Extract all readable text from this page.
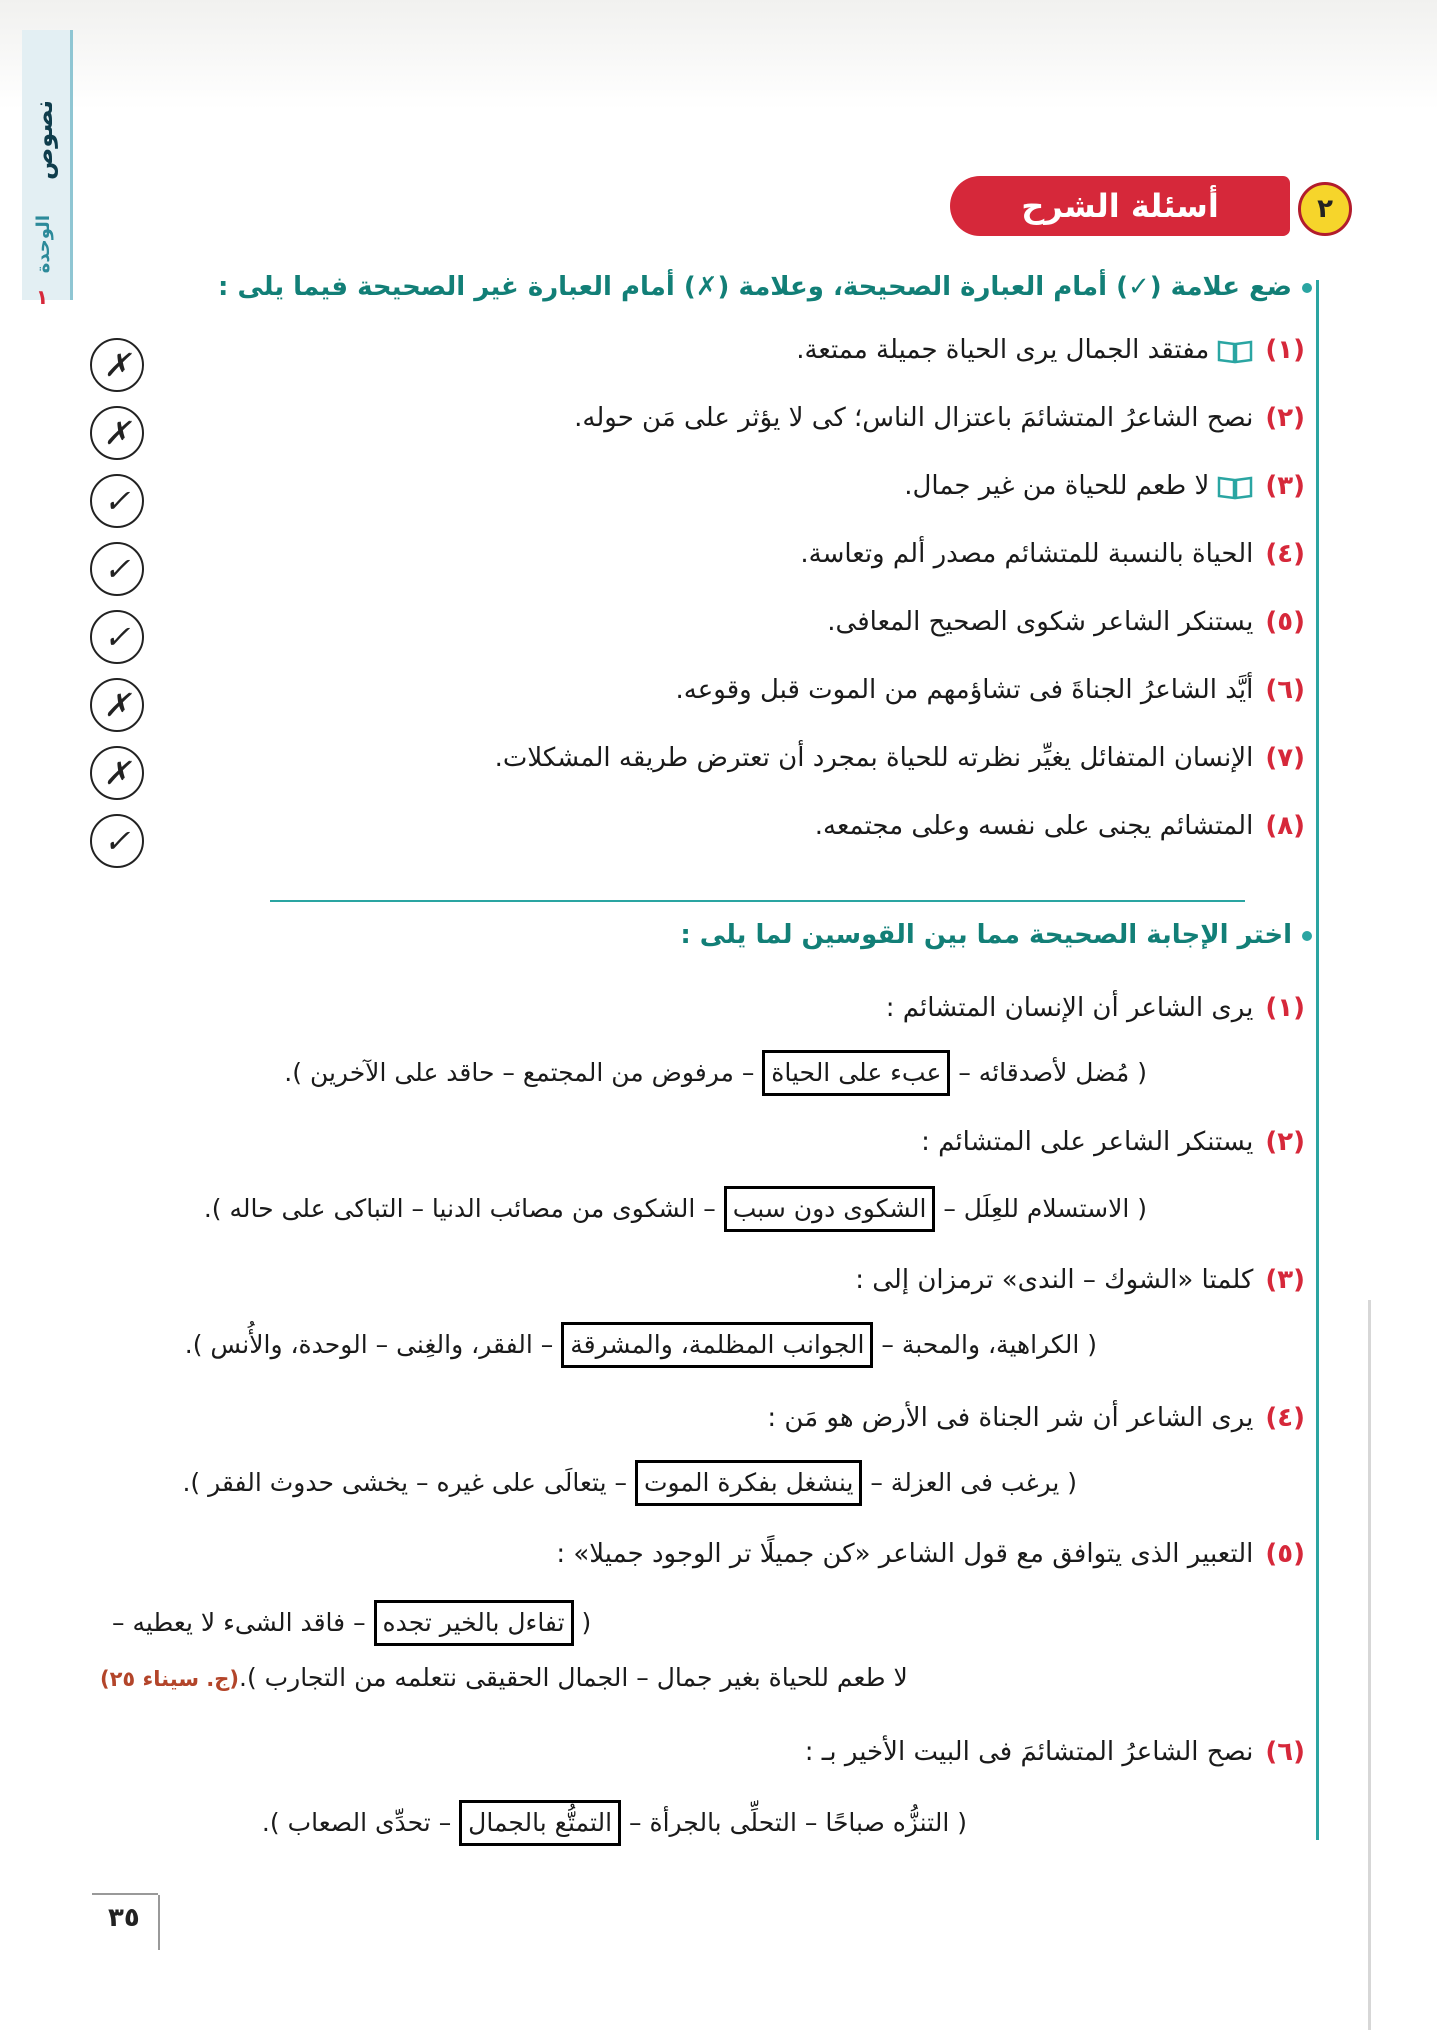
نصوص
الوحدة
١
٢
أسئلة الشرح
ضع علامة (✓) أمام العبارة الصحيحة، وعلامة (✗) أمام العبارة غير الصحيحة فيما يلى :
(١)مفتقد الجمال يرى الحياة جميلة ممتعة.
(٢)نصح الشاعرُ المتشائمَ باعتزال الناس؛ كى لا يؤثر على مَن حوله.
(٣)لا طعم للحياة من غير جمال.
(٤)الحياة بالنسبة للمتشائم مصدر ألم وتعاسة.
(٥)يستنكر الشاعر شكوى الصحيح المعافى.
(٦)أيَّد الشاعرُ الجناةَ فى تشاؤمهم من الموت قبل وقوعه.
(٧)الإنسان المتفائل يغيِّر نظرته للحياة بمجرد أن تعترض طريقه المشكلات.
(٨)المتشائم يجنى على نفسه وعلى مجتمعه.
✗
✗
✓
✓
✓
✗
✗
✓
اختر الإجابة الصحيحة مما بين القوسين لما يلى :
(١)يرى الشاعر أن الإنسان المتشائم :
( مُضل لأصدقائه – عبء على الحياة – مرفوض من المجتمع – حاقد على الآخرين ).
(٢)يستنكر الشاعر على المتشائم :
( الاستسلام للعِلَل – الشكوى دون سبب – الشكوى من مصائب الدنيا – التباكى على حاله ).
(٣)كلمتا «الشوك – الندى» ترمزان إلى :
( الكراهية، والمحبة – الجوانب المظلمة، والمشرقة – الفقر، والغِنى – الوحدة، والأُنس ).
(٤)يرى الشاعر أن شر الجناة فى الأرض هو مَن :
( يرغب فى العزلة – ينشغل بفكرة الموت – يتعالَى على غيره – يخشى حدوث الفقر ).
(٥)التعبير الذى يتوافق مع قول الشاعر «كن جميلًا تر الوجود جميلا» :
( تفاءل بالخير تجده – فاقد الشىء لا يعطيه –
لا طعم للحياة بغير جمال – الجمال الحقيقى نتعلمه من التجارب ).(ج. سيناء ٢٥)
(٦)نصح الشاعرُ المتشائمَ فى البيت الأخير بـ :
( التنزُّه صباحًا – التحلِّى بالجرأة – التمتُّع بالجمال – تحدِّى الصعاب ).
٣٥
